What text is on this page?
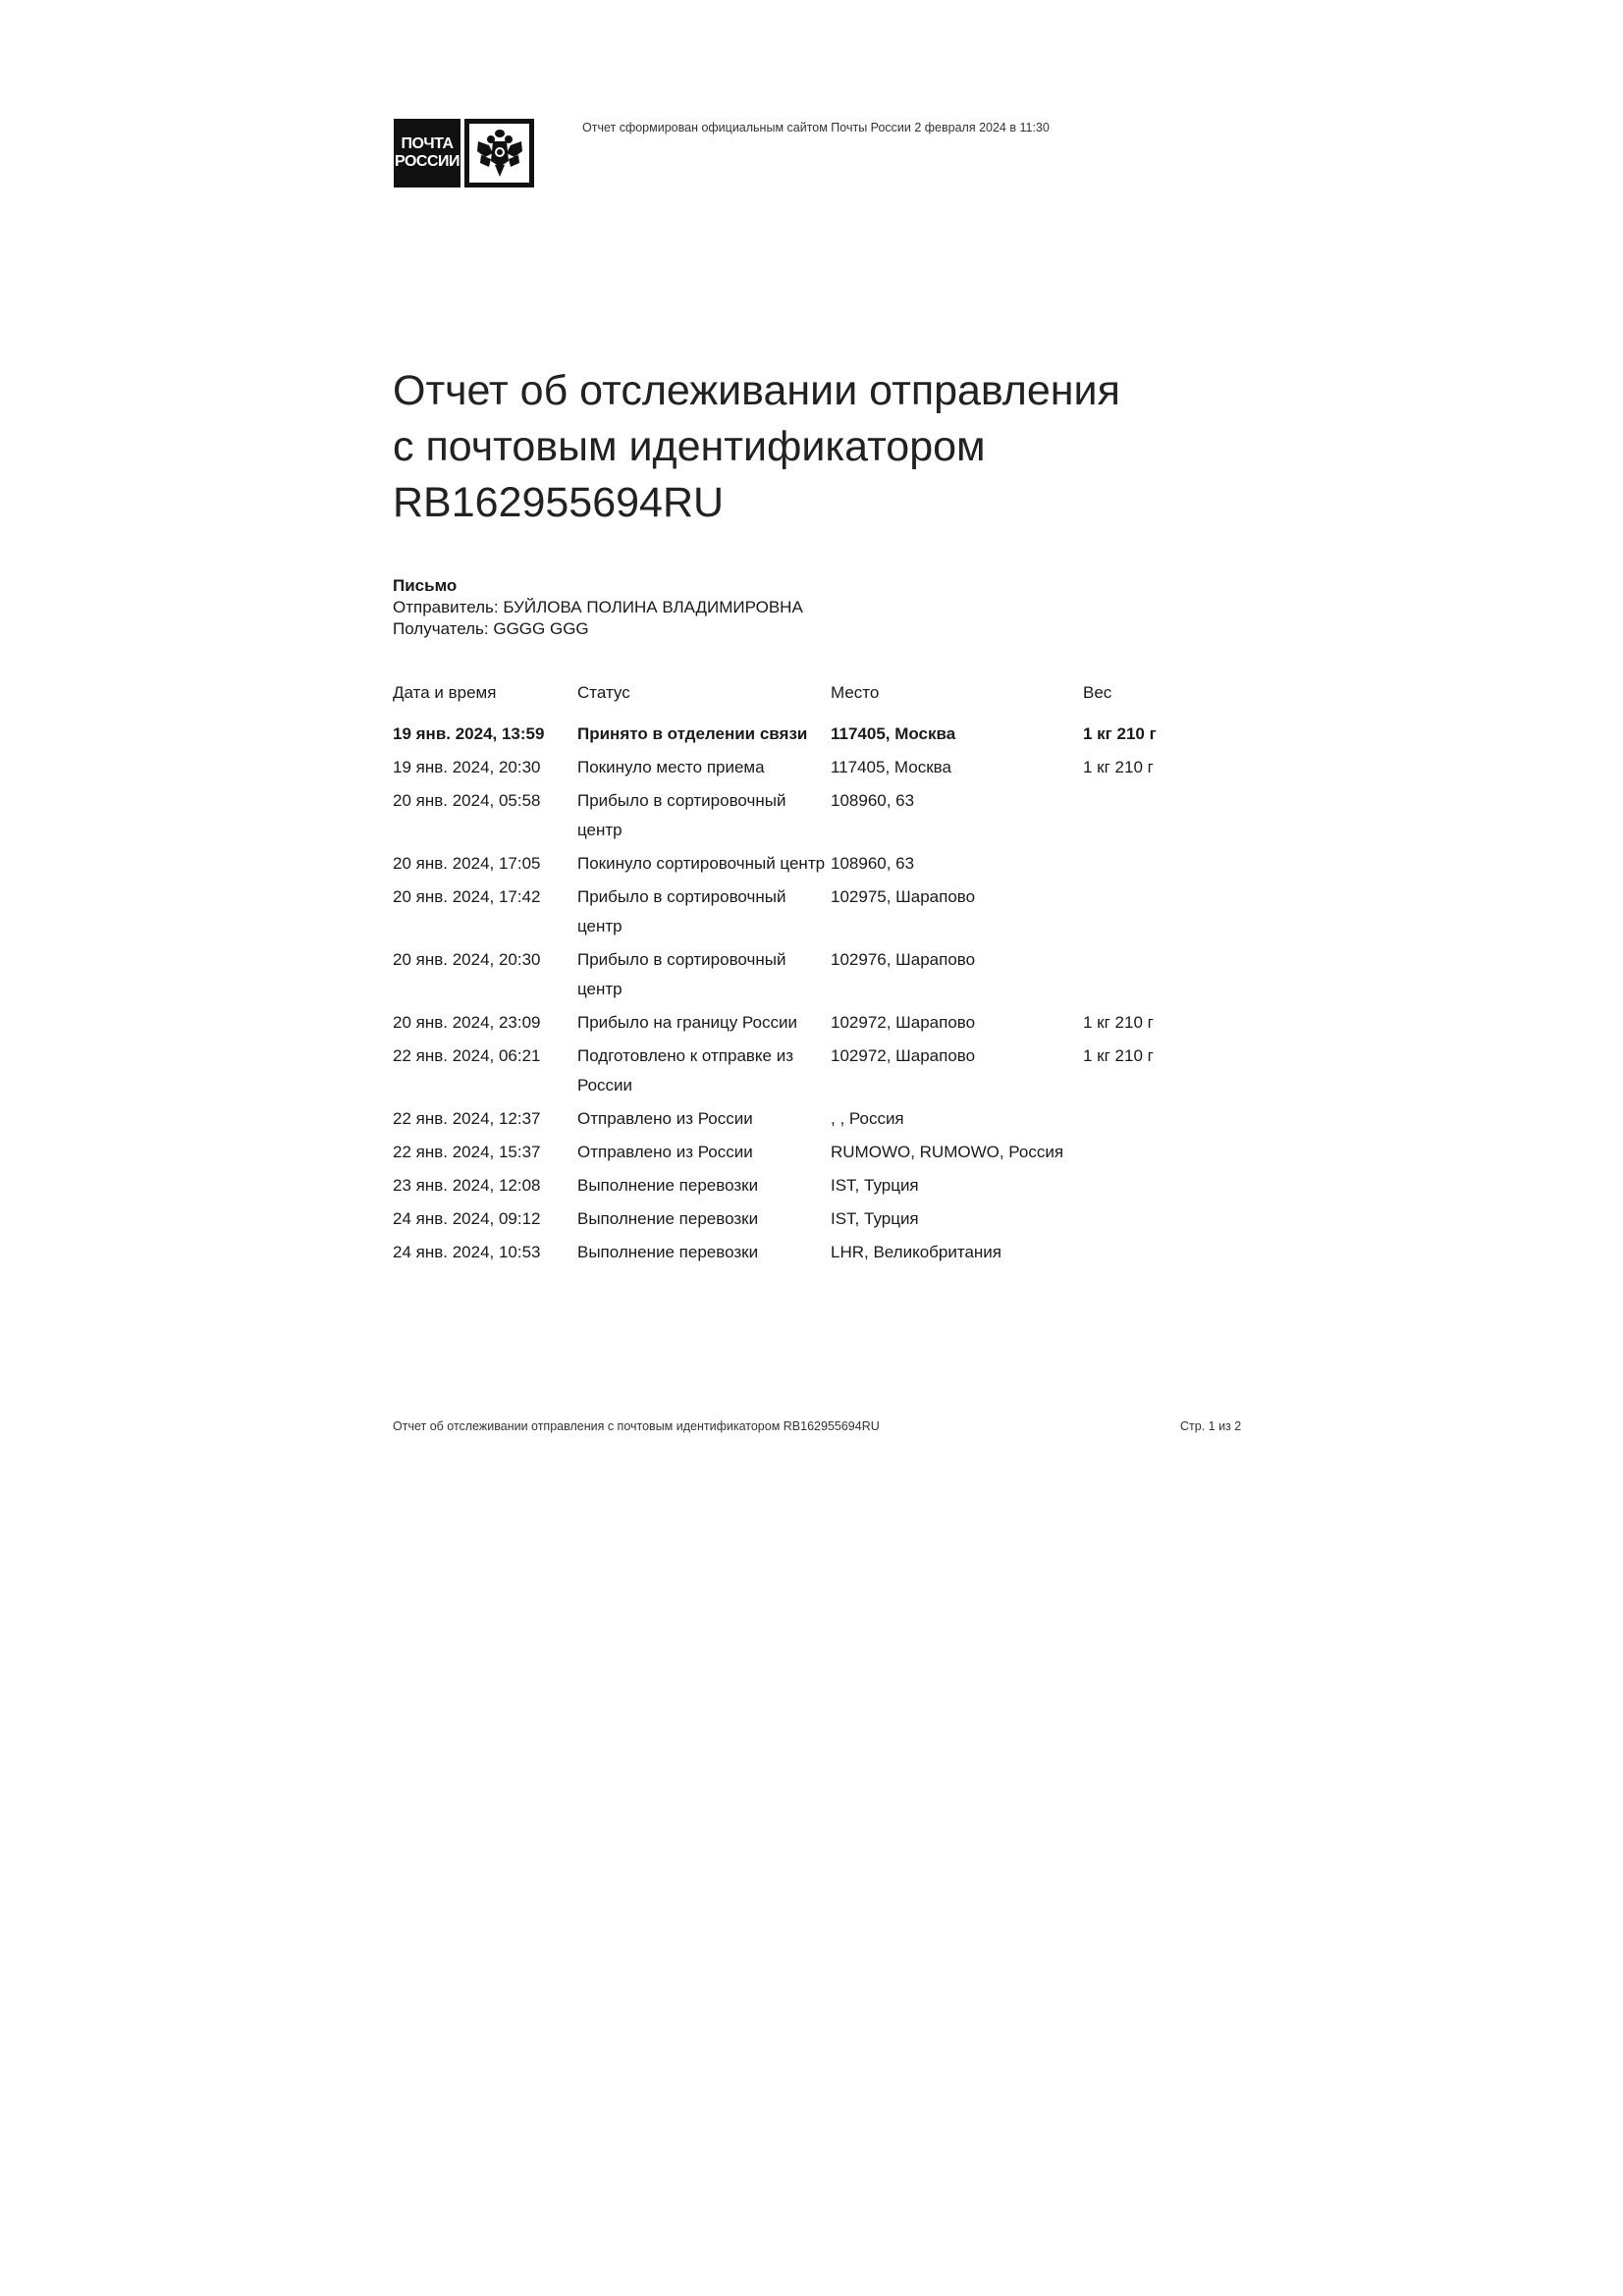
ПОЧТА
РОССИИ
Отчет сформирован официальным сайтом Почты России 2 февраля 2024 в 11:30
Отчет об отслеживании отправления
с почтовым идентификатором
RB162955694RU
Письмо
Отправитель: БУЙЛОВА ПОЛИНА ВЛАДИМИРОВНА
Получатель: GGGG GGG
Дата и время	Статус	Место	Вес
19 янв. 2024, 13:59	Принято в отделении связи	117405, Москва	1 кг 210 г
19 янв. 2024, 20:30	Покинуло место приема	117405, Москва	1 кг 210 г
20 янв. 2024, 05:58	Прибыло в сортировочный центр	108960, 63	
20 янв. 2024, 17:05	Покинуло сортировочный центр	108960, 63	
20 янв. 2024, 17:42	Прибыло в сортировочный центр	102975, Шарапово	
20 янв. 2024, 20:30	Прибыло в сортировочный центр	102976, Шарапово	
20 янв. 2024, 23:09	Прибыло на границу России	102972, Шарапово	1 кг 210 г
22 янв. 2024, 06:21	Подготовлено к отправке из России	102972, Шарапово	1 кг 210 г
22 янв. 2024, 12:37	Отправлено из России	, , Россия	
22 янв. 2024, 15:37	Отправлено из России	RUMOWO, RUMOWO, Россия	
23 янв. 2024, 12:08	Выполнение перевозки	IST, Турция	
24 янв. 2024, 09:12	Выполнение перевозки	IST, Турция	
24 янв. 2024, 10:53	Выполнение перевозки	LHR, Великобритания	
Отчет об отслеживании отправления с почтовым идентификатором RB162955694RU	Стр. 1 из 2
